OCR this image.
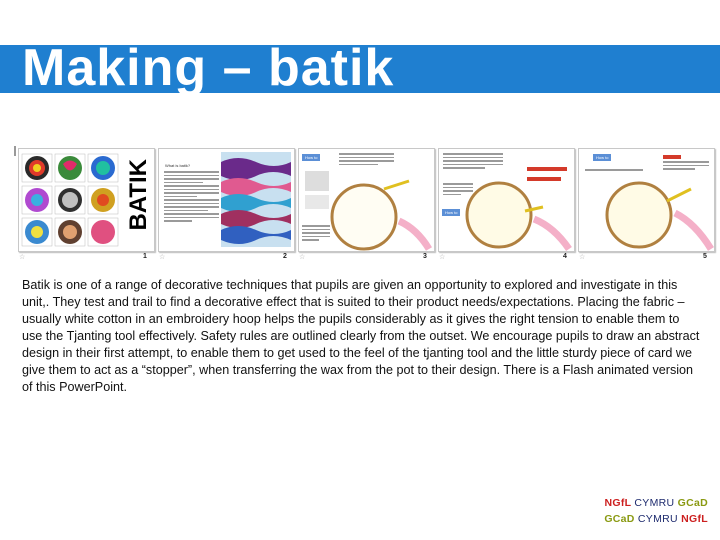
Making – batik
BATIK
☆	1
What is batik?
☆	2
How to
☆	3
How to
☆	4
How to
☆	5
Batik is one of a range of decorative techniques that pupils are given an opportunity to explored and investigate in this unit,. They test and trail to find a decorative effect that is suited to their product needs/expectations. Placing the fabric – usually white cotton in an embroidery hoop helps the pupils considerably as it gives the right tension to enable them to use the Tjanting tool effectively. Safety rules are outlined clearly from the outset. We encourage pupils to draw an abstract design in their first attempt, to enable them to get used to the feel of the tjanting tool and the little sturdy piece of card we give them to act as a “stopper”, when transferring the wax from the pot to their design. There is a Flash animated version of this PowerPoint.
NGfL CYMRU GCaD
GCaD CYMRU NGfL
